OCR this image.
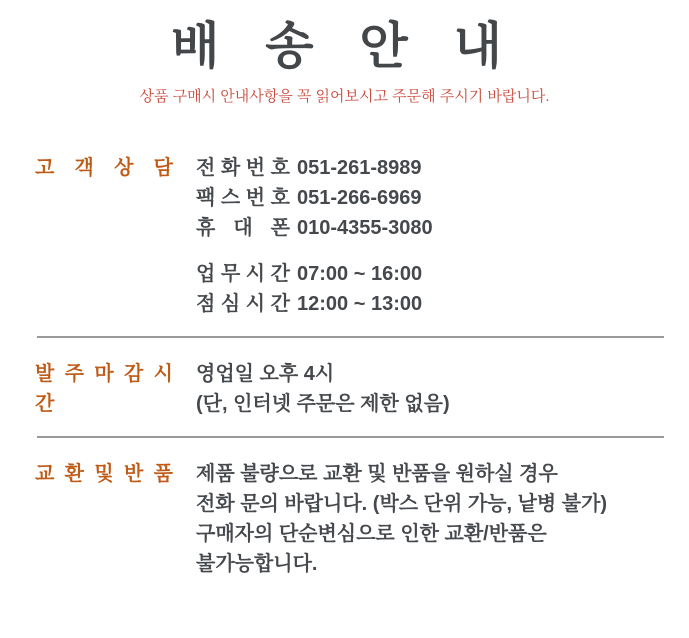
배 송 안 내
상품 구매시 안내사항을 꼭 읽어보시고 주문해 주시기 바랍니다.
고 객 상 담 전 화 번 호 051-261-8989
팩 스 번 호 051-266-6969
휴 대 폰 010-4355-3080
업 무 시 간 07:00 ~ 16:00
점 심 시 간 12:00 ~ 13:00
발 주 마 감 시 간
영업일 오후 4시
(단, 인터넷 주문은 제한 없음)
교 환 및 반 품 제품 불량으로 교환 및 반품을 원하실 경우
전화 문의 바랍니다. (박스 단위 가능, 낱병 불가)
구매자의 단순변심으로 인한 교환/반품은
불가능합니다.
